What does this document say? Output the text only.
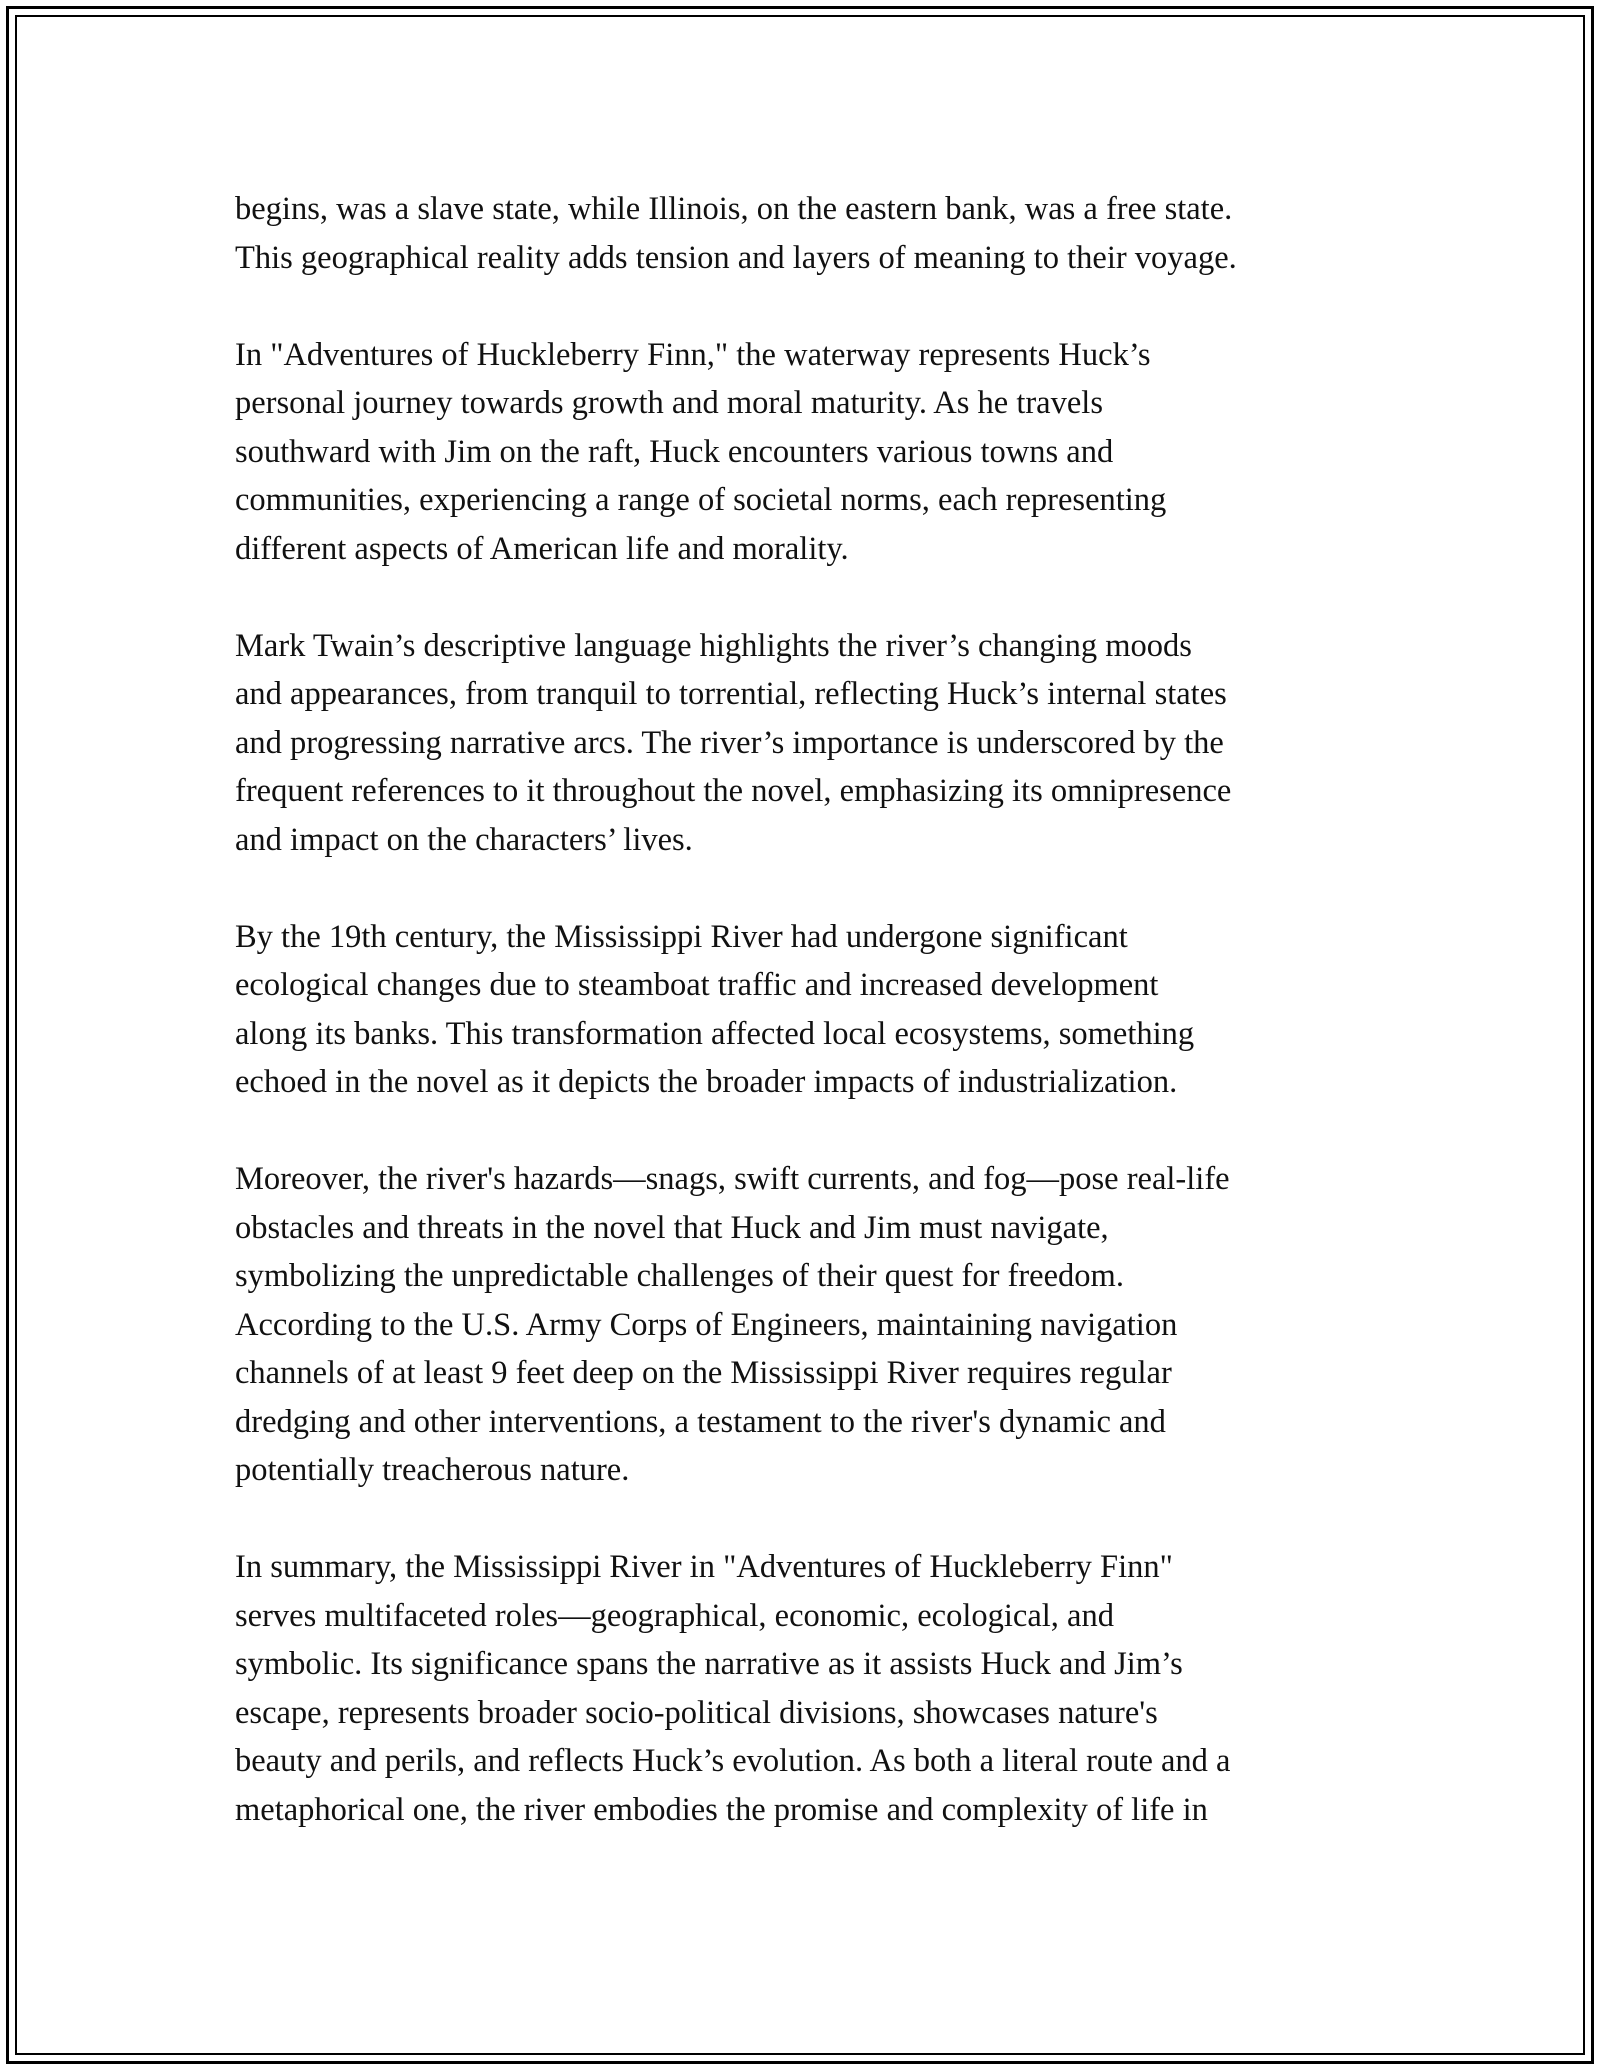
begins, was a slave state, while Illinois, on the eastern bank, was a free state.
This geographical reality adds tension and layers of meaning to their voyage.

In "Adventures of Huckleberry Finn," the waterway represents Huck’s
personal journey towards growth and moral maturity. As he travels
southward with Jim on the raft, Huck encounters various towns and
communities, experiencing a range of societal norms, each representing
different aspects of American life and morality.

Mark Twain’s descriptive language highlights the river’s changing moods
and appearances, from tranquil to torrential, reflecting Huck’s internal states
and progressing narrative arcs. The river’s importance is underscored by the
frequent references to it throughout the novel, emphasizing its omnipresence
and impact on the characters’ lives.

By the 19th century, the Mississippi River had undergone significant
ecological changes due to steamboat traffic and increased development
along its banks. This transformation affected local ecosystems, something
echoed in the novel as it depicts the broader impacts of industrialization.

Moreover, the river's hazards—snags, swift currents, and fog—pose real-life
obstacles and threats in the novel that Huck and Jim must navigate,
symbolizing the unpredictable challenges of their quest for freedom.
According to the U.S. Army Corps of Engineers, maintaining navigation
channels of at least 9 feet deep on the Mississippi River requires regular
dredging and other interventions, a testament to the river's dynamic and
potentially treacherous nature.

In summary, the Mississippi River in "Adventures of Huckleberry Finn"
serves multifaceted roles—geographical, economic, ecological, and
symbolic. Its significance spans the narrative as it assists Huck and Jim’s
escape, represents broader socio-political divisions, showcases nature's
beauty and perils, and reflects Huck’s evolution. As both a literal route and a
metaphorical one, the river embodies the promise and complexity of life in
